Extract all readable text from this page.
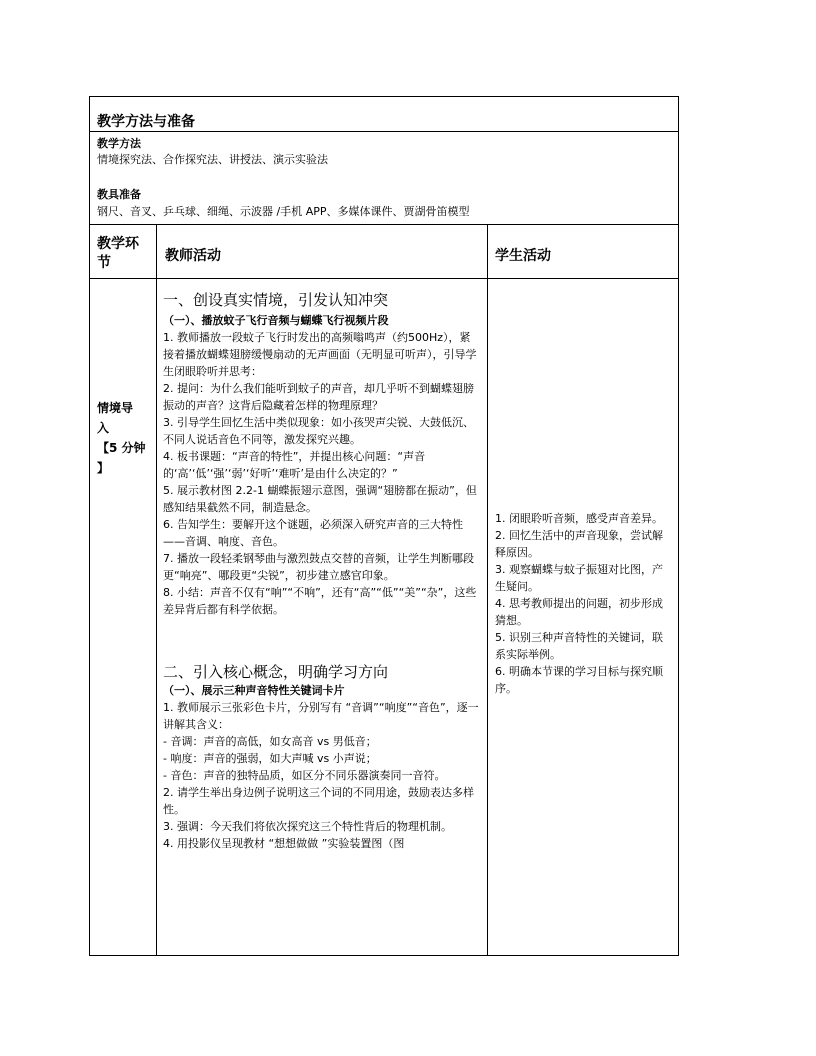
教学方法与准备
教学方法
情境探究法、合作探究法、讲授法、演示实验法
教具准备
钢尺、音叉、乒乓球、细绳、示波器 /手机 APP、多媒体课件、贾湖骨笛模型
教学环节	教师活动	学生活动
情境导
入
【5 分钟
】
一、创设真实情境，引发认知冲突
（一）、播放蚊子飞行音频与蝴蝶飞行视频片段

1. 教师播放一段蚊子飞行时发出的高频嗡鸣声（约500Hz），紧接着播放蝴蝶翅膀缓慢扇动的无声画面（无明显可听声），引导学生闭眼聆听并思考：

2. 提问：为什么我们能听到蚊子的声音，却几乎听不到蝴蝶翅膀振动的声音？这背后隐藏着怎样的物理原理？

3. 引导学生回忆生活中类似现象：如小孩哭声尖锐、大鼓低沉、不同人说话音色不同等，激发探究兴趣。

4. 板书课题：“声音的特性”，并提出核心问题：“声音的‘高’‘低’‘强’‘弱’‘好听’‘难听’是由什么决定的？”

5. 展示教材图 2.2-1 蝴蝶振翅示意图，强调“翅膀都在振动”，但感知结果截然不同，制造悬念。

6. 告知学生：要解开这个谜题，必须深入研究声音的三大特性——音调、响度、音色。

7. 播放一段轻柔钢琴曲与激烈鼓点交替的音频，让学生判断哪段更“响亮”、哪段更“尖锐”，初步建立感官印象。

8. 小结：声音不仅有“响”“不响”，还有“高”“低”“美”“杂”，这些差异背后都有科学依据。

二、引入核心概念，明确学习方向
（一）、展示三种声音特性关键词卡片

1. 教师展示三张彩色卡片，分别写有 “音调”“响度”“音色”，逐一讲解其含义：

- 音调：声音的高低，如女高音 vs 男低音；

- 响度：声音的强弱，如大声喊 vs 小声说；

- 音色：声音的独特品质，如区分不同乐器演奏同一音符。

2. 请学生举出身边例子说明这三个词的不同用途，鼓励表达多样性。

3. 强调：今天我们将依次探究这三个特性背后的物理机制。

4. 用投影仪呈现教材 “想想做做 ”实验装置图（图

1. 闭眼聆听音频，感受声音差异。

2. 回忆生活中的声音现象，尝试解释原因。

3. 观察蝴蝶与蚊子振翅对比图，产生疑问。

4. 思考教师提出的问题，初步形成猜想。

5. 识别三种声音特性的关键词，联系实际举例。

6. 明确本节课的学习目标与探究顺序。
